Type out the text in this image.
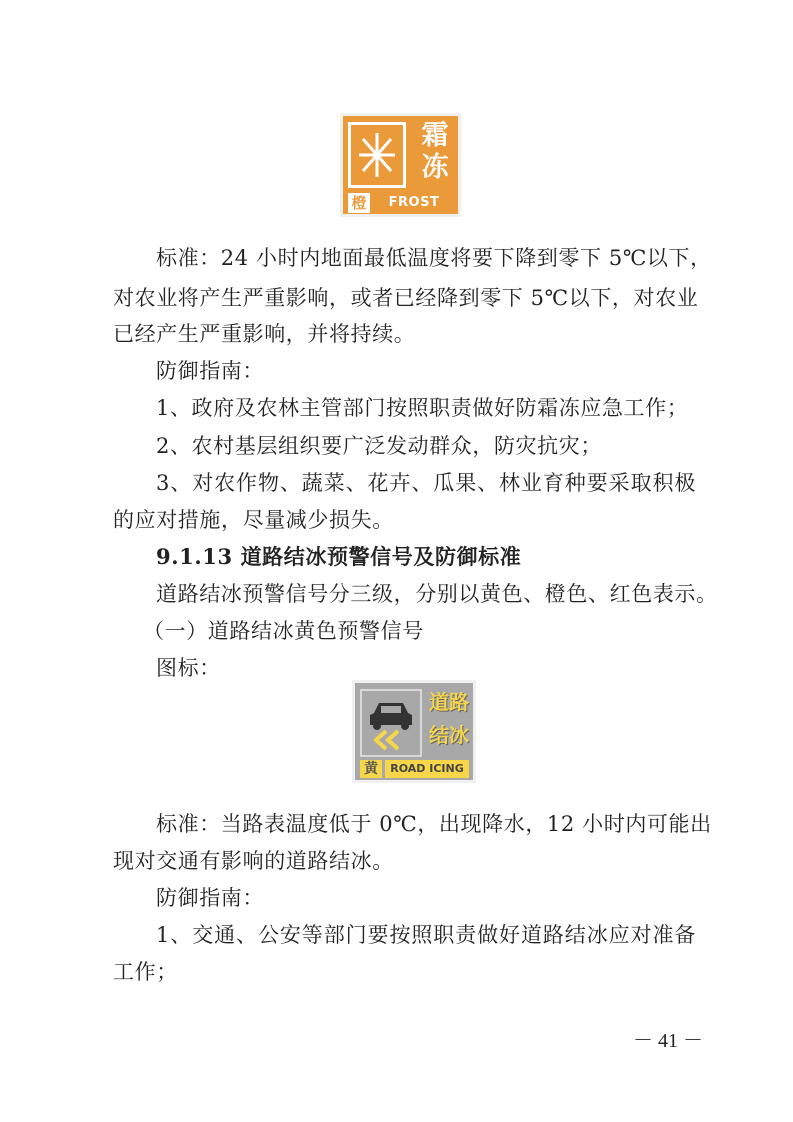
霜
冻
橙	FROST
标准：24 小时内地面最低温度将要下降到零下 5℃以下，
对农业将产生严重影响，或者已经降到零下 5℃以下，对农业
已经产生严重影响，并将持续。
防御指南：
1、政府及农林主管部门按照职责做好防霜冻应急工作；
2、农村基层组织要广泛发动群众，防灾抗灾；
3、对农作物、蔬菜、花卉、瓜果、林业育种要采取积极
的应对措施，尽量减少损失。
9.1.13 道路结冰预警信号及防御标准
道路结冰预警信号分三级，分别以黄色、橙色、红色表示。
（一）道路结冰黄色预警信号
图标：
道路
结冰
黄	ROAD ICING
标准：当路表温度低于 0℃，出现降水，12 小时内可能出
现对交通有影响的道路结冰。
防御指南：
1、交通、公安等部门要按照职责做好道路结冰应对准备
工作；
－ 41 －
